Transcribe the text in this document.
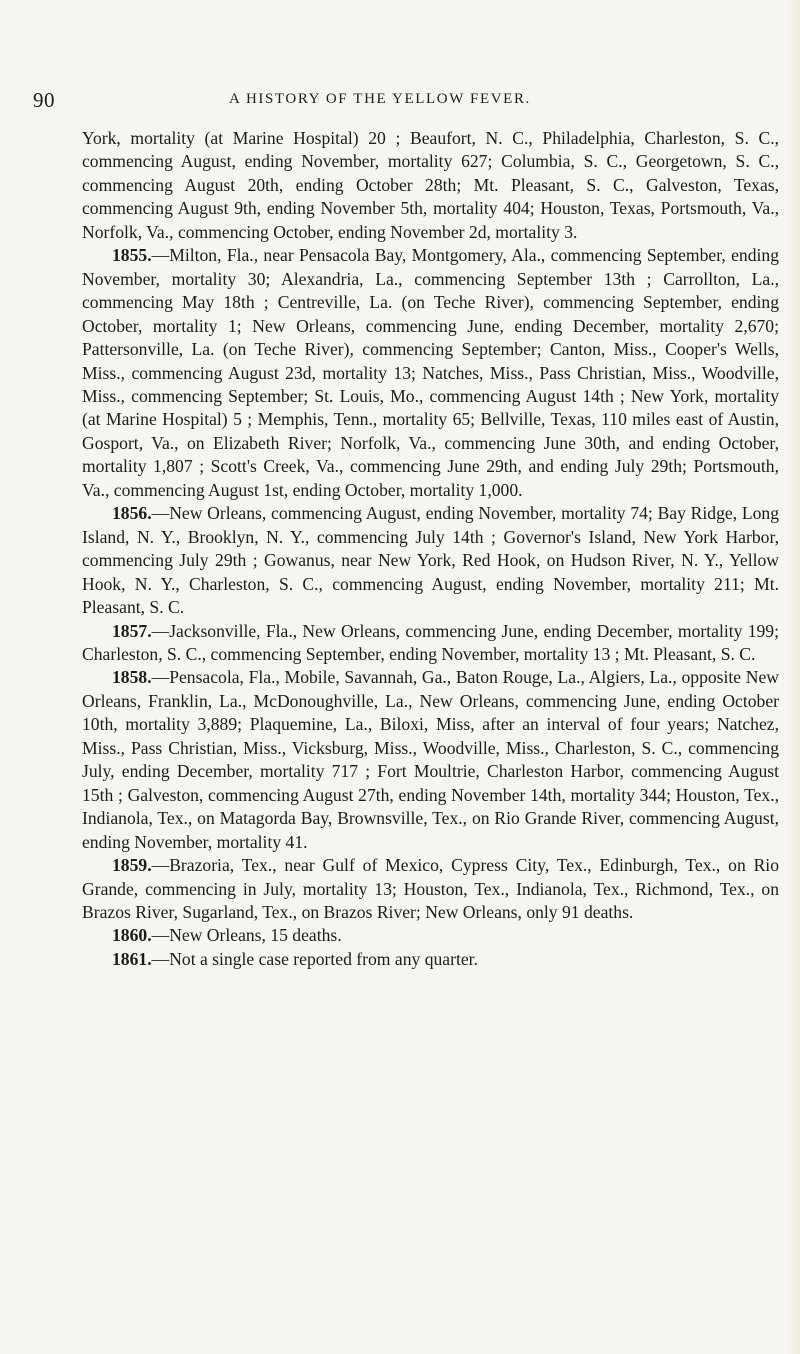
90	A HISTORY OF THE YELLOW FEVER.

York, mortality (at Marine Hospital) 20 ; Beaufort, N. C., Philadelphia, Charleston, S. C., commencing August, ending November, mortality 627; Columbia, S. C., Georgetown, S. C., commencing August 20th, ending October 28th; Mt. Pleasant, S. C., Galveston, Texas, commencing August 9th, ending November 5th, mortality 404; Houston, Texas, Portsmouth, Va., Norfolk, Va., commencing October, ending November 2d, mortality 3.

1855.—Milton, Fla., near Pensacola Bay, Montgomery, Ala., commencing September, ending November, mortality 30; Alexandria, La., commencing September 13th ; Carrollton, La., commencing May 18th ; Centreville, La. (on Teche River), commencing September, ending October, mortality 1; New Orleans, commencing June, ending December, mortality 2,670; Pattersonville, La. (on Teche River), commencing September; Canton, Miss., Cooper's Wells, Miss., commencing August 23d, mortality 13; Natches, Miss., Pass Christian, Miss., Woodville, Miss., commencing September; St. Louis, Mo., commencing August 14th ; New York, mortality (at Marine Hospital) 5 ; Memphis, Tenn., mortality 65; Bellville, Texas, 110 miles east of Austin, Gosport, Va., on Elizabeth River; Norfolk, Va., commencing June 30th, and ending October, mortality 1,807 ; Scott's Creek, Va., commencing June 29th, and ending July 29th; Portsmouth, Va., commencing August 1st, ending October, mortality 1,000.

1856.—New Orleans, commencing August, ending November, mortality 74; Bay Ridge, Long Island, N. Y., Brooklyn, N. Y., commencing July 14th ; Governor's Island, New York Harbor, commencing July 29th ; Gowanus, near New York, Red Hook, on Hudson River, N. Y., Yellow Hook, N. Y., Charleston, S. C., commencing August, ending November, mortality 211; Mt. Pleasant, S. C.

1857.—Jacksonville, Fla., New Orleans, commencing June, ending December, mortality 199; Charleston, S. C., commencing September, ending November, mortality 13 ; Mt. Pleasant, S. C.

1858.—Pensacola, Fla., Mobile, Savannah, Ga., Baton Rouge, La., Algiers, La., opposite New Orleans, Franklin, La., McDonoughville, La., New Orleans, commencing June, ending October 10th, mortality 3,889; Plaquemine, La., Biloxi, Miss, after an interval of four years; Natchez, Miss., Pass Christian, Miss., Vicksburg, Miss., Woodville, Miss., Charleston, S. C., commencing July, ending December, mortality 717 ; Fort Moultrie, Charleston Harbor, commencing August 15th ; Galveston, commencing August 27th, ending November 14th, mortality 344; Houston, Tex., Indianola, Tex., on Matagorda Bay, Brownsville, Tex., on Rio Grande River, commencing August, ending November, mortality 41.

1859.—Brazoria, Tex., near Gulf of Mexico, Cypress City, Tex., Edinburgh, Tex., on Rio Grande, commencing in July, mortality 13; Houston, Tex., Indianola, Tex., Richmond, Tex., on Brazos River, Sugarland, Tex., on Brazos River; New Orleans, only 91 deaths.

1860.—New Orleans, 15 deaths.

1861.—Not a single case reported from any quarter.
